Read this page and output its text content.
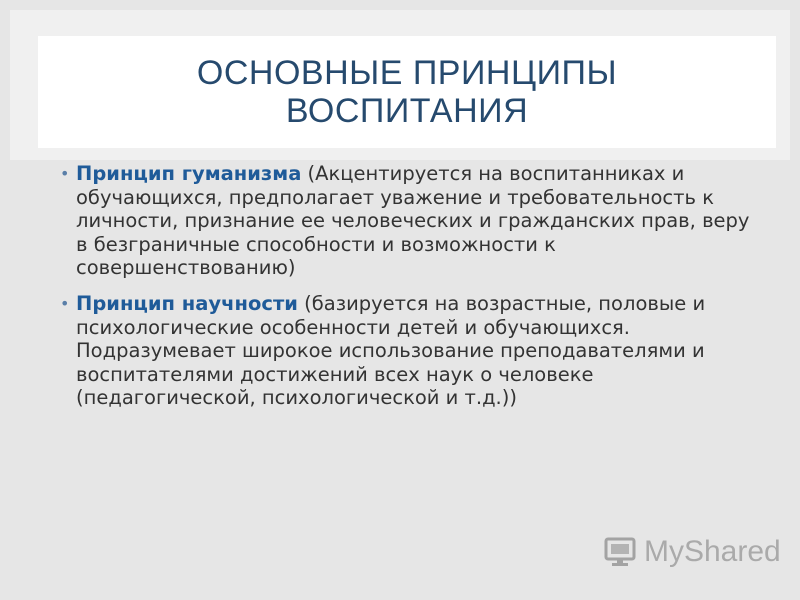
ОСНОВНЫЕ ПРИНЦИПЫ
ВОСПИТАНИЯ
• Принцип гуманизма (Акцентируется на воспитанниках и обучающихся, предполагает уважение и требовательность к личности, признание ее человеческих и гражданских прав, веру в безграничные способности и возможности к совершенствованию)
• Принцип научности (базируется на возрастные, половые и психологические особенности детей и обучающихся. Подразумевает широкое использование преподавателями и воспитателями достижений всех наук о человеке (педагогической, психологической и т.д.))
MyShared
